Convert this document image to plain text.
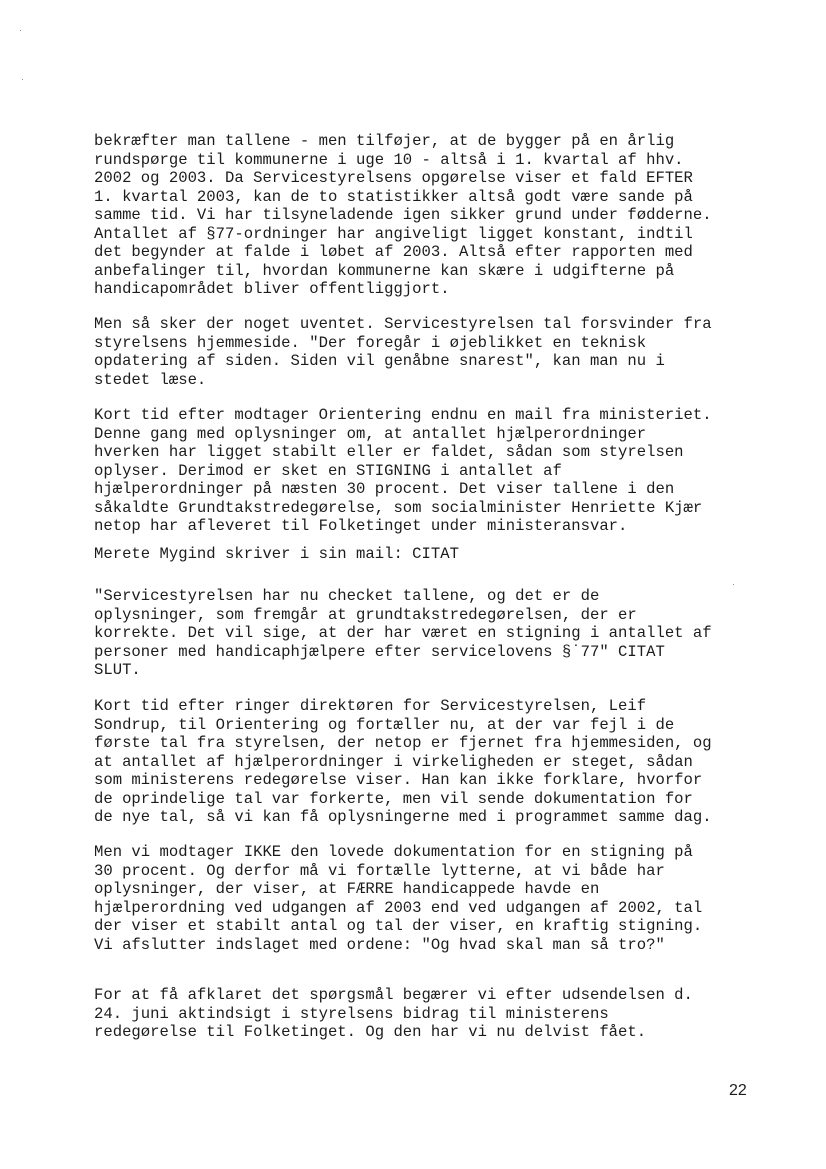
bekræfter man tallene - men tilføjer, at de bygger på en årlig
rundspørge til kommunerne i uge 10 - altså i 1. kvartal af hhv.
2002 og 2003. Da Servicestyrelsens opgørelse viser et fald EFTER
1. kvartal 2003, kan de to statistikker altså godt være sande på
samme tid. Vi har tilsyneladende igen sikker grund under fødderne.
Antallet af §77-ordninger har angiveligt ligget konstant, indtil
det begynder at falde i løbet af 2003. Altså efter rapporten med
anbefalinger til, hvordan kommunerne kan skære i udgifterne på
handicapområdet bliver offentliggjort.

Men så sker der noget uventet. Servicestyrelsen tal forsvinder fra
styrelsens hjemmeside. "Der foregår i øjeblikket en teknisk
opdatering af siden. Siden vil genåbne snarest", kan man nu i
stedet læse.

Kort tid efter modtager Orientering endnu en mail fra ministeriet.
Denne gang med oplysninger om, at antallet hjælperordninger
hverken har ligget stabilt eller er faldet, sådan som styrelsen
oplyser. Derimod er sket en STIGNING i antallet af
hjælperordninger på næsten 30 procent. Det viser tallene i den
såkaldte Grundtakstredegørelse, som socialminister Henriette Kjær
netop har afleveret til Folketinget under ministeransvar.

Merete Mygind skriver i sin mail: CITAT

"Servicestyrelsen har nu checket tallene, og det er de
oplysninger, som fremgår at grundtakstredegørelsen, der er
korrekte. Det vil sige, at der har været en stigning i antallet af
personer med handicaphjælpere efter servicelovens §˙77" CITAT
SLUT.

Kort tid efter ringer direktøren for Servicestyrelsen, Leif
Sondrup, til Orientering og fortæller nu, at der var fejl i de
første tal fra styrelsen, der netop er fjernet fra hjemmesiden, og
at antallet af hjælperordninger i virkeligheden er steget, sådan
som ministerens redegørelse viser. Han kan ikke forklare, hvorfor
de oprindelige tal var forkerte, men vil sende dokumentation for
de nye tal, så vi kan få oplysningerne med i programmet samme dag.

Men vi modtager IKKE den lovede dokumentation for en stigning på
30 procent. Og derfor må vi fortælle lytterne, at vi både har
oplysninger, der viser, at FÆRRE handicappede havde en
hjælperordning ved udgangen af 2003 end ved udgangen af 2002, tal
der viser et stabilt antal og tal der viser, en kraftig stigning.
Vi afslutter indslaget med ordene: "Og hvad skal man så tro?"

For at få afklaret det spørgsmål begærer vi efter udsendelsen d.
24. juni aktindsigt i styrelsens bidrag til ministerens
redegørelse til Folketinget. Og den har vi nu delvist fået.

22
